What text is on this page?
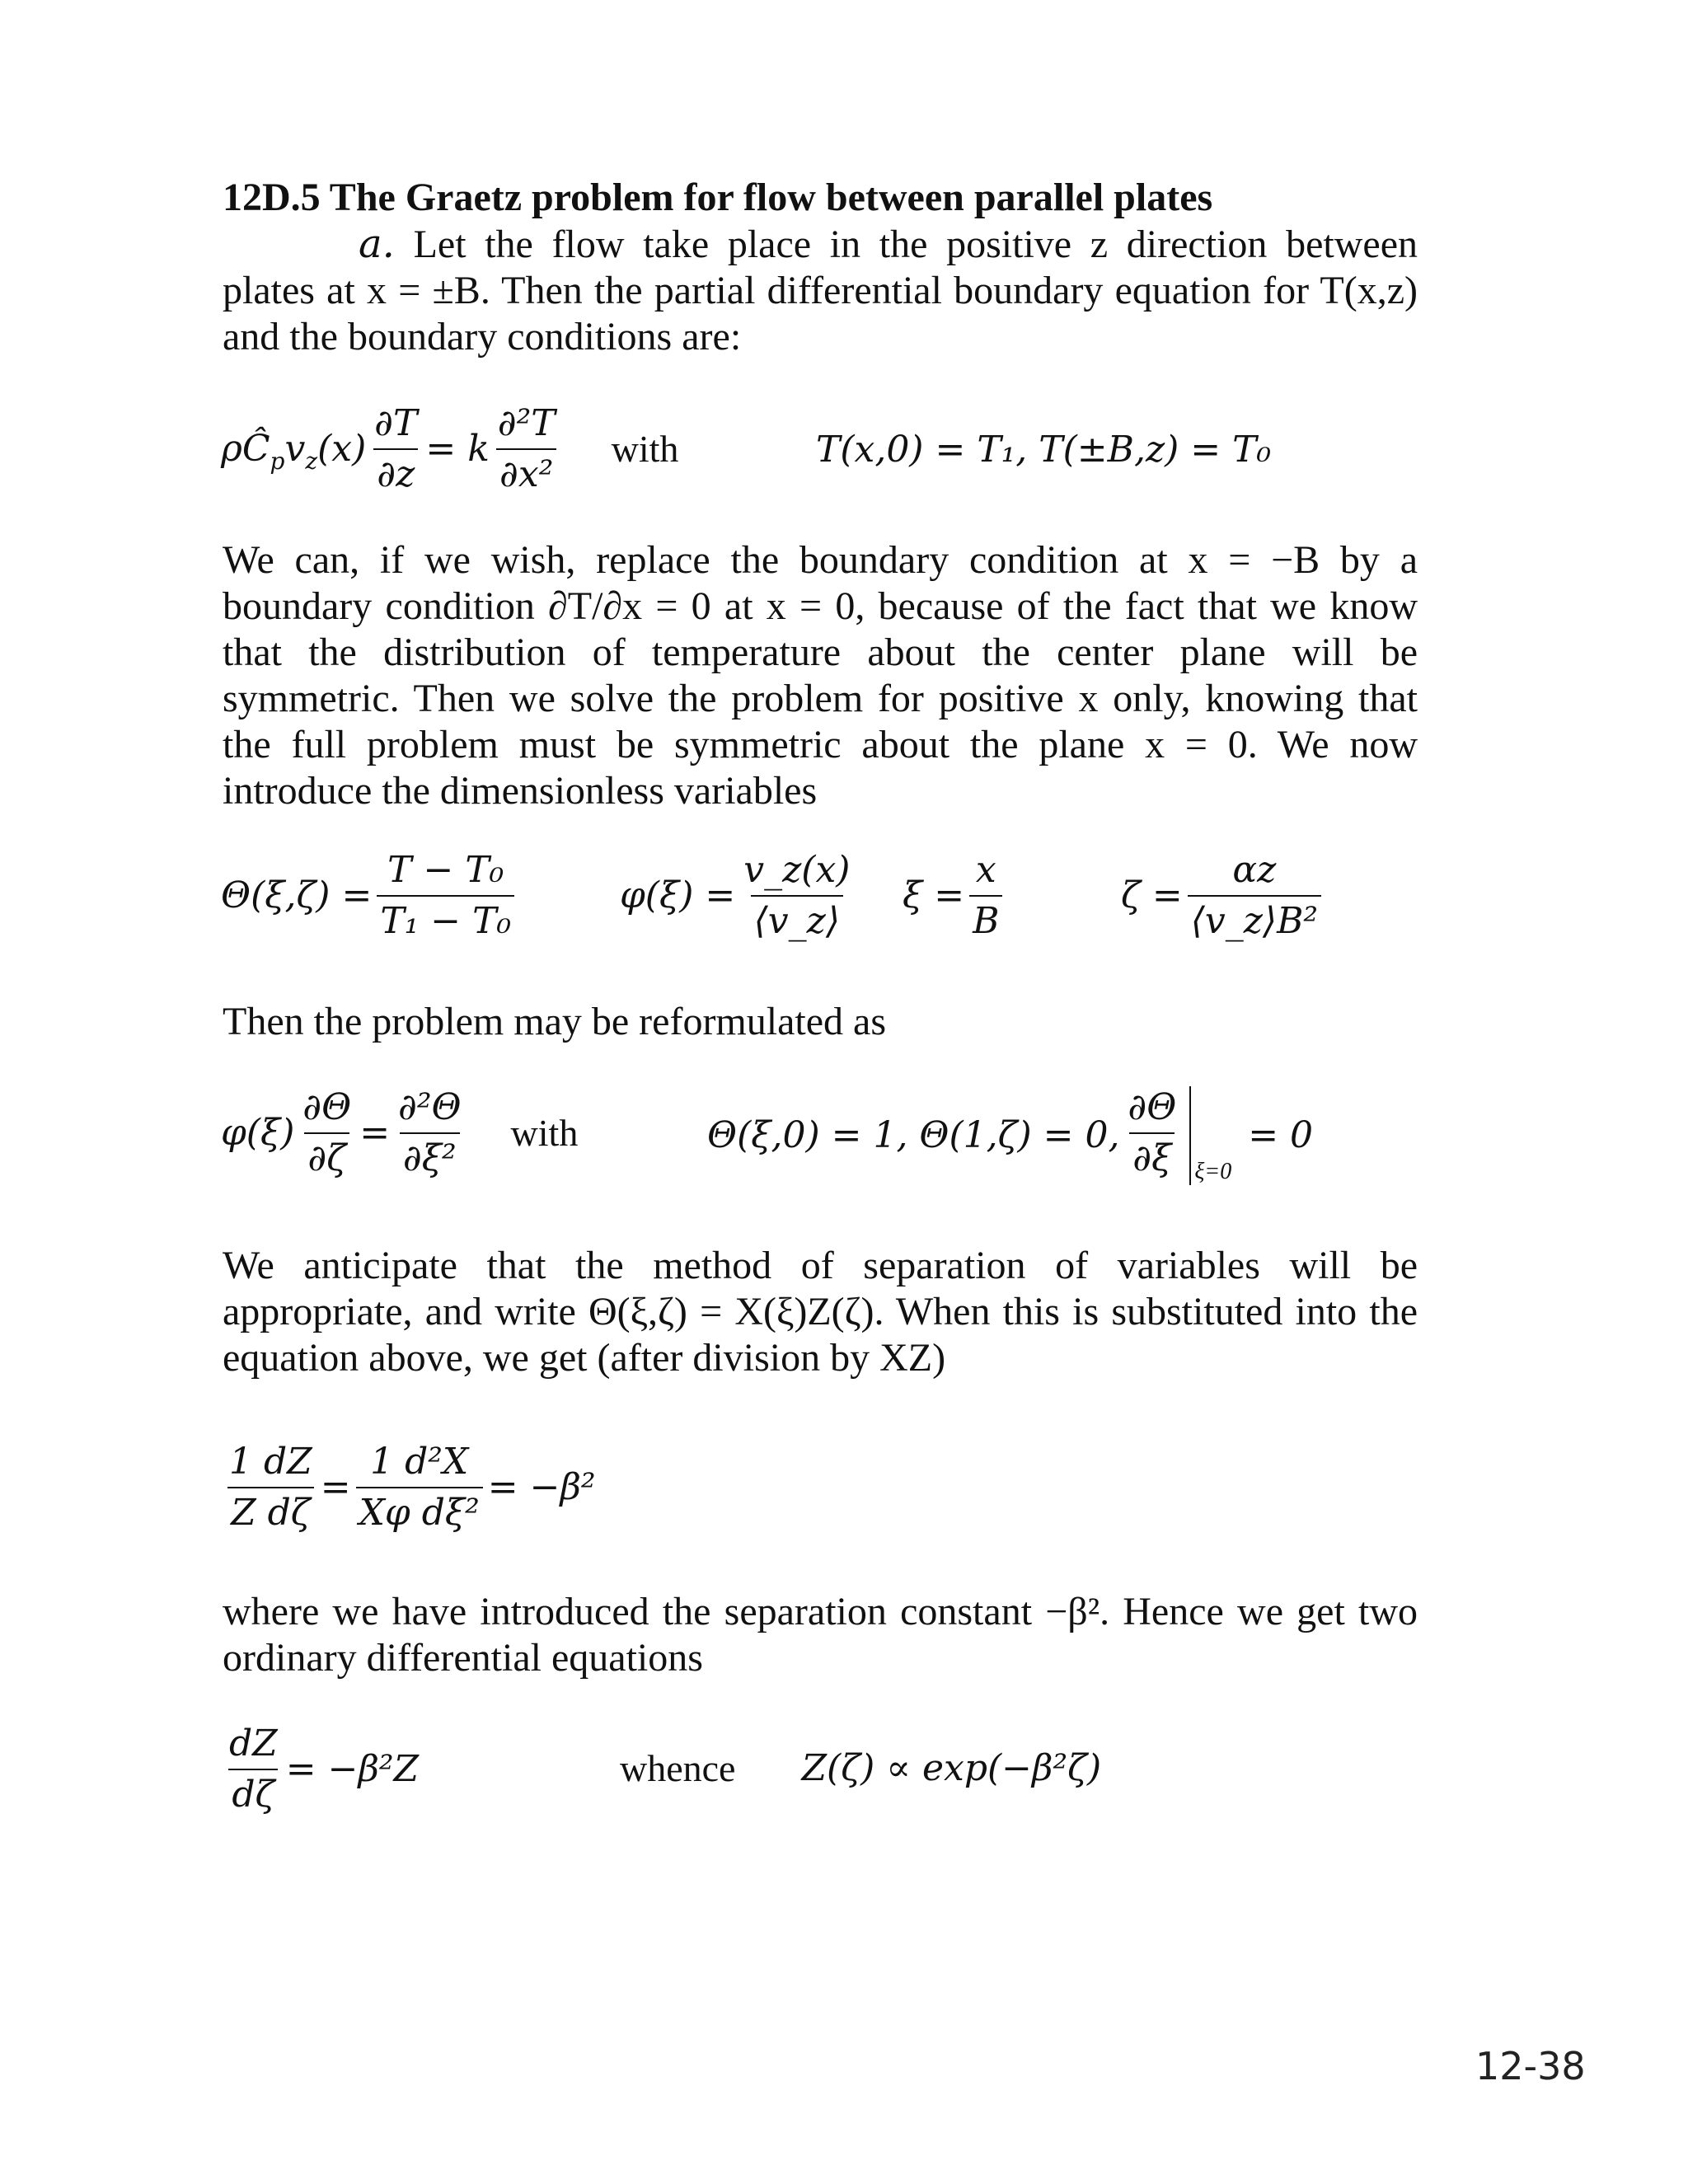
12D.5 The Graetz problem for flow between parallel plates
a. Let the flow take place in the positive z direction between plates at x = ±B. Then the partial differential boundary equation for T(x,z) and the boundary conditions are:
$\rho Ĉ_pv_z(x) \frac{\partial T}{\partial z} = k \frac{\text{∂²T}}{\text{∂x²}}$ with	T(x,0) = T₁, T(±B,z) = T₀
We can, if we wish, replace the boundary condition at x = −B by a boundary condition ∂T/∂x = 0 at x = 0, because of the fact that we know that the distribution of temperature about the center plane will be symmetric. Then we solve the problem for positive x only, knowing that the full problem must be symmetric about the plane x = 0. We now introduce the dimensionless variables
$\Theta(\xi,\zeta) = \frac{\text{T − T₀}}{\text{T₁ − T₀}}$	$\varphi(\xi) = \frac{v\_z(x)}{⟨v\_z⟩}$ $\xi = \frac{x}{B}$	$\zeta = \frac{\alpha z}{\text{⟨v\_z⟩B²}}$
Then the problem may be reformulated as
$\varphi(\xi) \frac{\partial\Theta}{\partial\zeta} = \frac{\text{∂²Θ}}{\text{∂ξ²}}$ with	Θ(ξ,0) = 1, Θ(1,ζ) = 0, $\frac{\partial\Theta}{\partial\xi} \xi=0$
= 0
We anticipate that the method of separation of variables will be appropriate, and write Θ(ξ,ζ) = X(ξ)Z(ζ). When this is substituted into the equation above, we get (after division by XZ)
$\frac{1 dZ}{\text{Z dζ}} = \frac{\text{1 d²X}}{\text{Xφ dξ²}} = -\beta^2$
where we have introduced the separation constant −β². Hence we get two ordinary differential equations
$\frac{dZ}{d\zeta} = -\beta^2Z$	whence Z(ζ) ∝ exp(−β²ζ)
12-38
